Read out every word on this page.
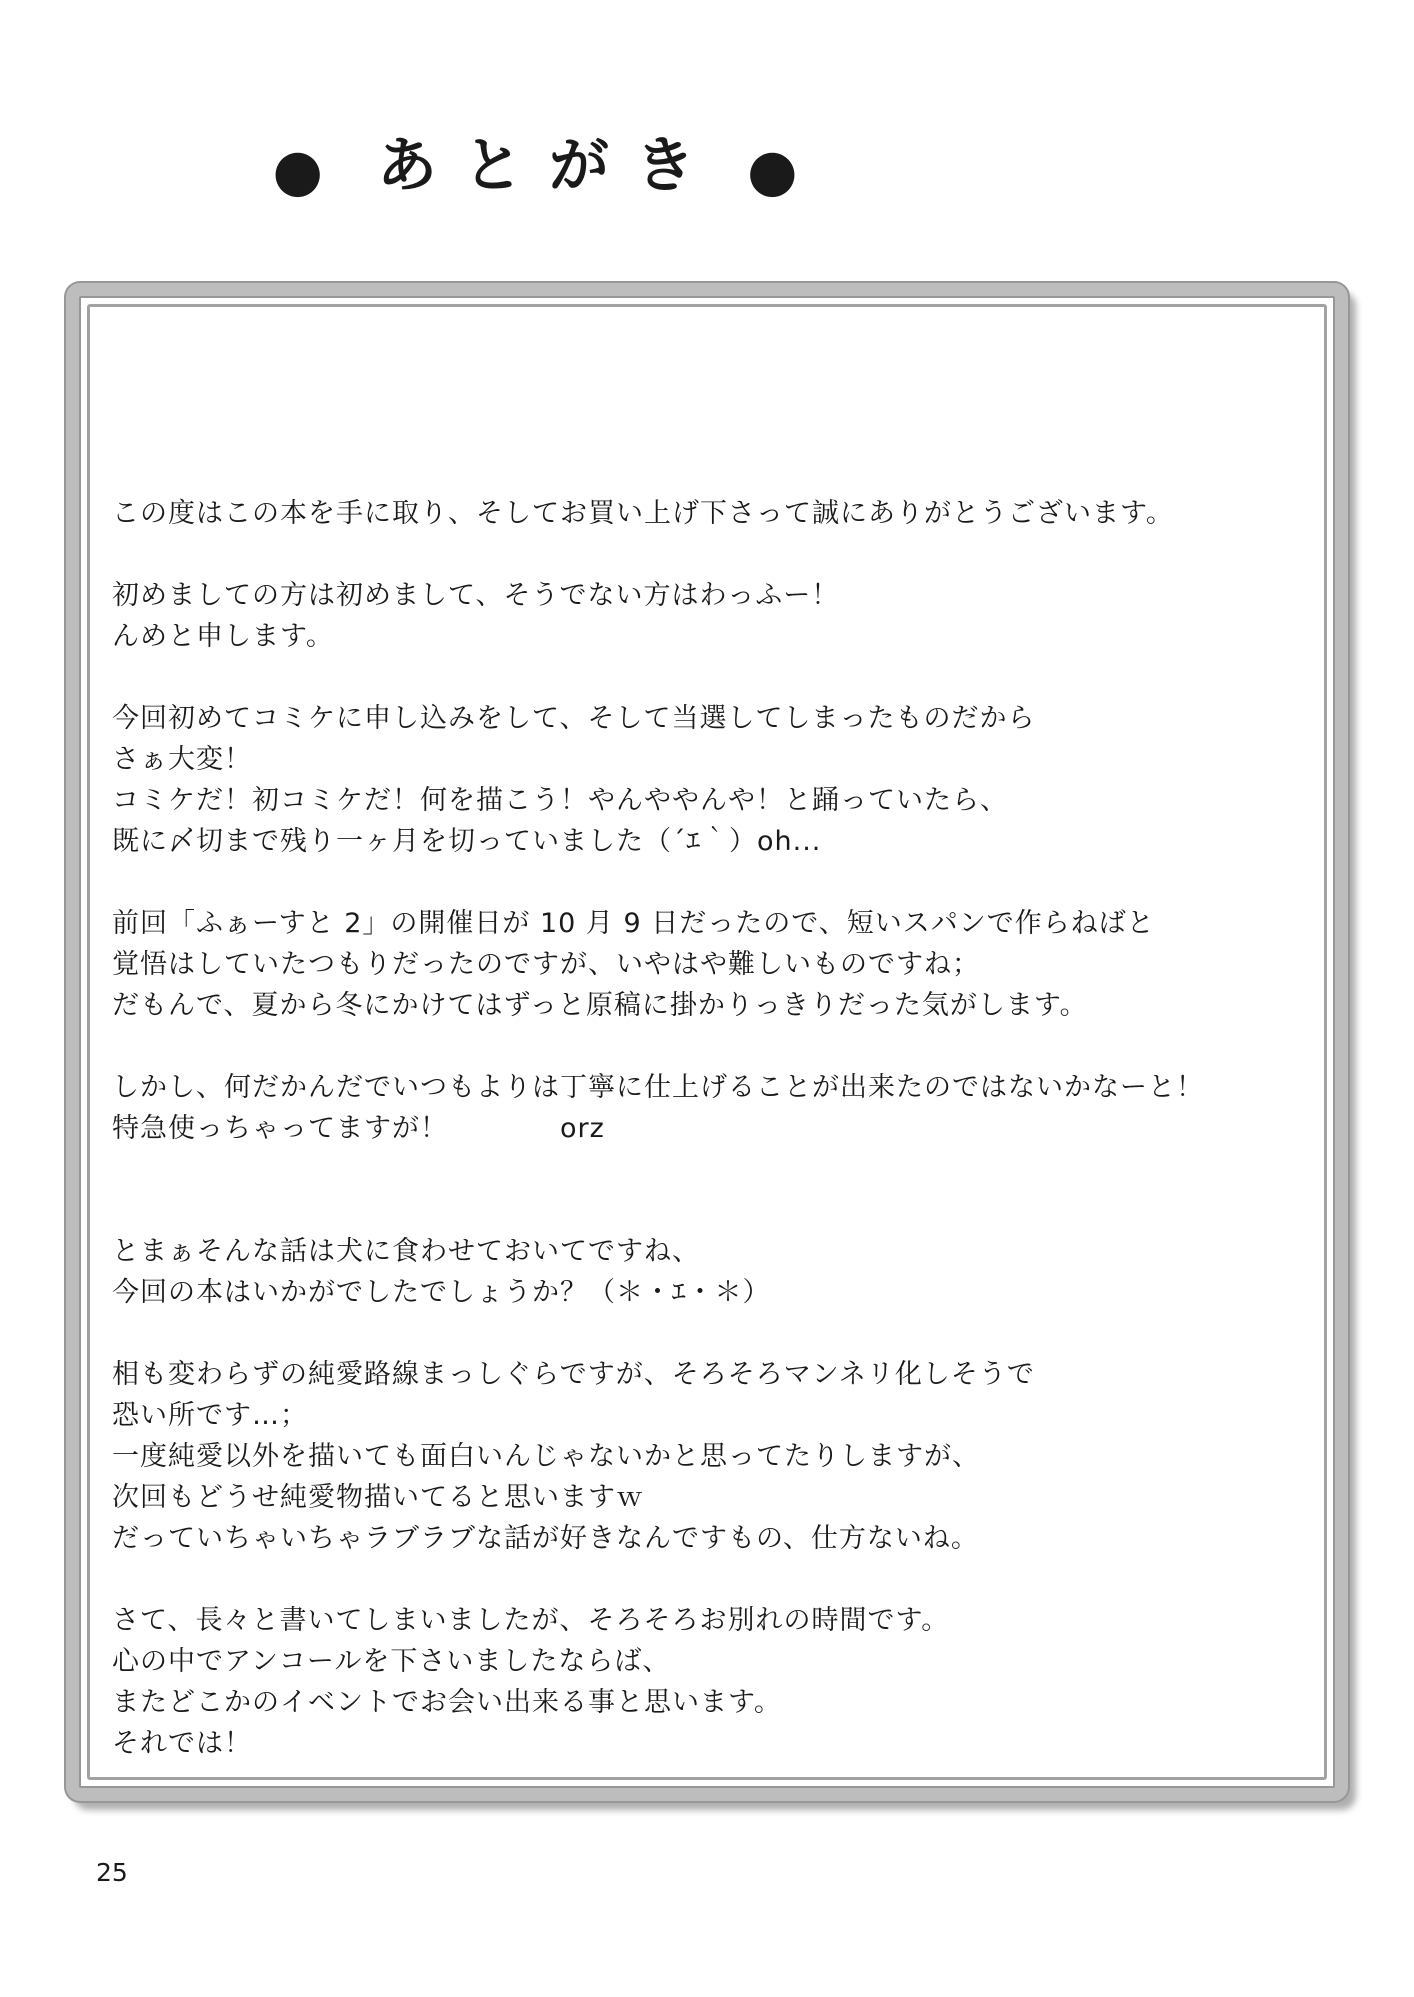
● あとがき ●

この度はこの本を手に取り、そしてお買い上げ下さって誠にありがとうございます。

初めましての方は初めまして、そうでない方はわっふー！

んめと申します。

今回初めてコミケに申し込みをして、そして当選してしまったものだから

さぁ大変！

コミケだ！初コミケだ！何を描こう！やんややんや！と踊っていたら、

既に〆切まで残り一ヶ月を切っていました（´ｴ｀）oh...

前回「ふぁーすと 2」の開催日が 10 月 9 日だったので、短いスパンで作らねばと

覚悟はしていたつもりだったのですが、いやはや難しいものですね；

だもんで、夏から冬にかけてはずっと原稿に掛かりっきりだった気がします。

しかし、何だかんだでいつもよりは丁寧に仕上げることが出来たのではないかなーと！

特急使っちゃってますが！　　　　orz

とまぁそんな話は犬に食わせておいてですね、

今回の本はいかがでしたでしょうか？（＊・ｴ・＊）

相も変わらずの純愛路線まっしぐらですが、そろそろマンネリ化しそうで

恐い所です…；

一度純愛以外を描いても面白いんじゃないかと思ってたりしますが、

次回もどうせ純愛物描いてると思いますｗ

だっていちゃいちゃラブラブな話が好きなんですもの、仕方ないね。

さて、長々と書いてしまいましたが、そろそろお別れの時間です。

心の中でアンコールを下さいましたならば、

またどこかのイベントでお会い出来る事と思います。

それでは！

25
